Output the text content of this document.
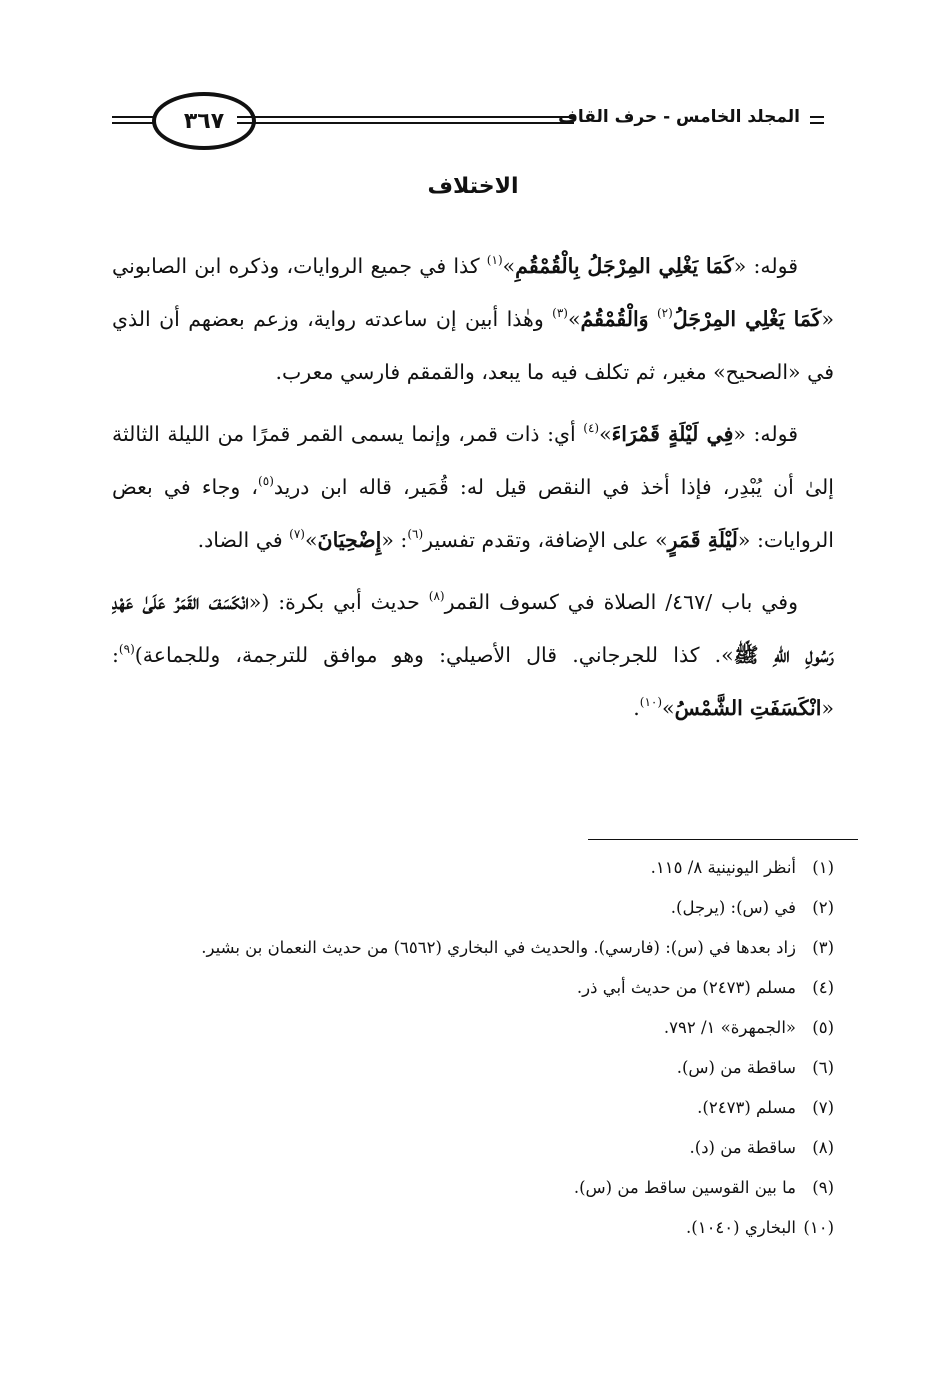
المجلد الخامس - حرف القاف
٣٦٧
الاختلاف

قوله: «كَمَا يَغْلِي المِرْجَلُ بِالْقُمْقُمِ»$^{(١)}$ كذا في جميع الروايات، وذكره ابن الصابوني «كَمَا يَغْلِي المِرْجَلُ$^{(٢)}$ وَالْقُمْقُمُ»$^{(٣)}$ وهٰذا أبين إن ساعدته رواية، وزعم بعضهم أن الذي في «الصحيح» مغير، ثم تكلف فيه ما يبعد، والقمقم فارسي معرب.

قوله: «فِي لَيْلَةٍ قَمْرَاءَ»$^{(٤)}$ أي: ذات قمر، وإنما يسمى القمر قمرًا من الليلة الثالثة إلىٰ أن يُبْدِر، فإذا أخذ في النقص قيل له: قُمَير، قاله ابن دريد$^{(٥)}$، وجاء في بعض الروايات: «لَيْلَةِ قَمَرٍ» على الإضافة، وتقدم تفسير$^{(٦)}$: «إِضْحِيَانَ»$^{(٧)}$ في الضاد.

وفي باب /٤٦٧/ الصلاة في كسوف القمر$^{(٨)}$ حديث أبي بكرة: («انْكَسَفَ القَمَرُ عَلَىٰ عَهْدِ رَسُولِ اللهِ ﷺ». كذا للجرجاني. قال الأصيلي: وهو موافق للترجمة، وللجماعة)$^{(٩)}$: «انْكَسَفَتِ الشَّمْسُ»$^{(١٠)}$.

(١)
أنظر اليونينية ٨/ ١١٥.
(٢)
في (س): (يرجل).
(٣)
زاد بعدها في (س): (فارسي). والحديث في البخاري (٦٥٦٢) من حديث النعمان بن بشير.
(٤)
مسلم (٢٤٧٣) من حديث أبي ذر.
(٥)
«الجمهرة» ١/ ٧٩٢.
(٦)
ساقطة من (س).
(٧)
مسلم (٢٤٧٣).
(٨)
ساقطة من (د).
(٩)
ما بين القوسين ساقط من (س).
(١٠)
البخاري (١٠٤٠).
